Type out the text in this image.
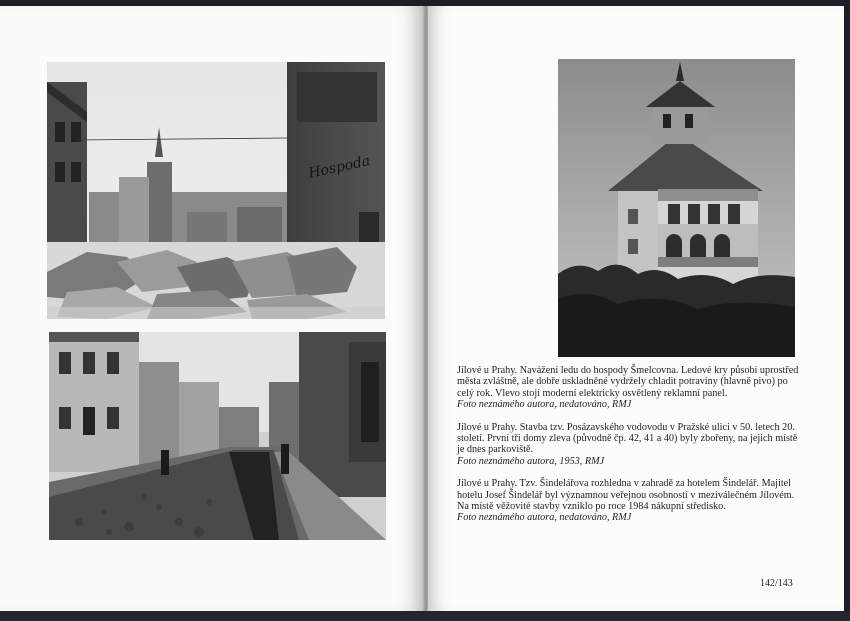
Hospoda

Jílové u Prahy. Navážení ledu do hospody Šmelcovna. Ledové kry působí uprostřed města zvláštně, ale dobře uskladněné vydržely chladit potraviny (hlavně pivo) po celý rok. Vlevo stojí moderní elektricky osvětlený reklamní panel.
Foto neznámého autora, nedatováno, RMJ

Jílové u Prahy. Stavba tzv. Posázavského vodovodu v Pražské ulici v 50. letech 20. století. První tři domy zleva (původně čp. 42, 41 a 40) byly zbořeny, na jejich místě je dnes parkoviště.
Foto neznámého autora, 1953, RMJ

Jílové u Prahy. Tzv. Šindelářova rozhledna v zahradě za hotelem Šindelář. Majitel hotelu Josef Šindelář byl významnou veřejnou osobností v meziválečném Jílovém. Na místě věžovité stavby vzniklo po roce 1984 nákupní středisko.
Foto neznámého autora, nedatováno, RMJ

142/143
